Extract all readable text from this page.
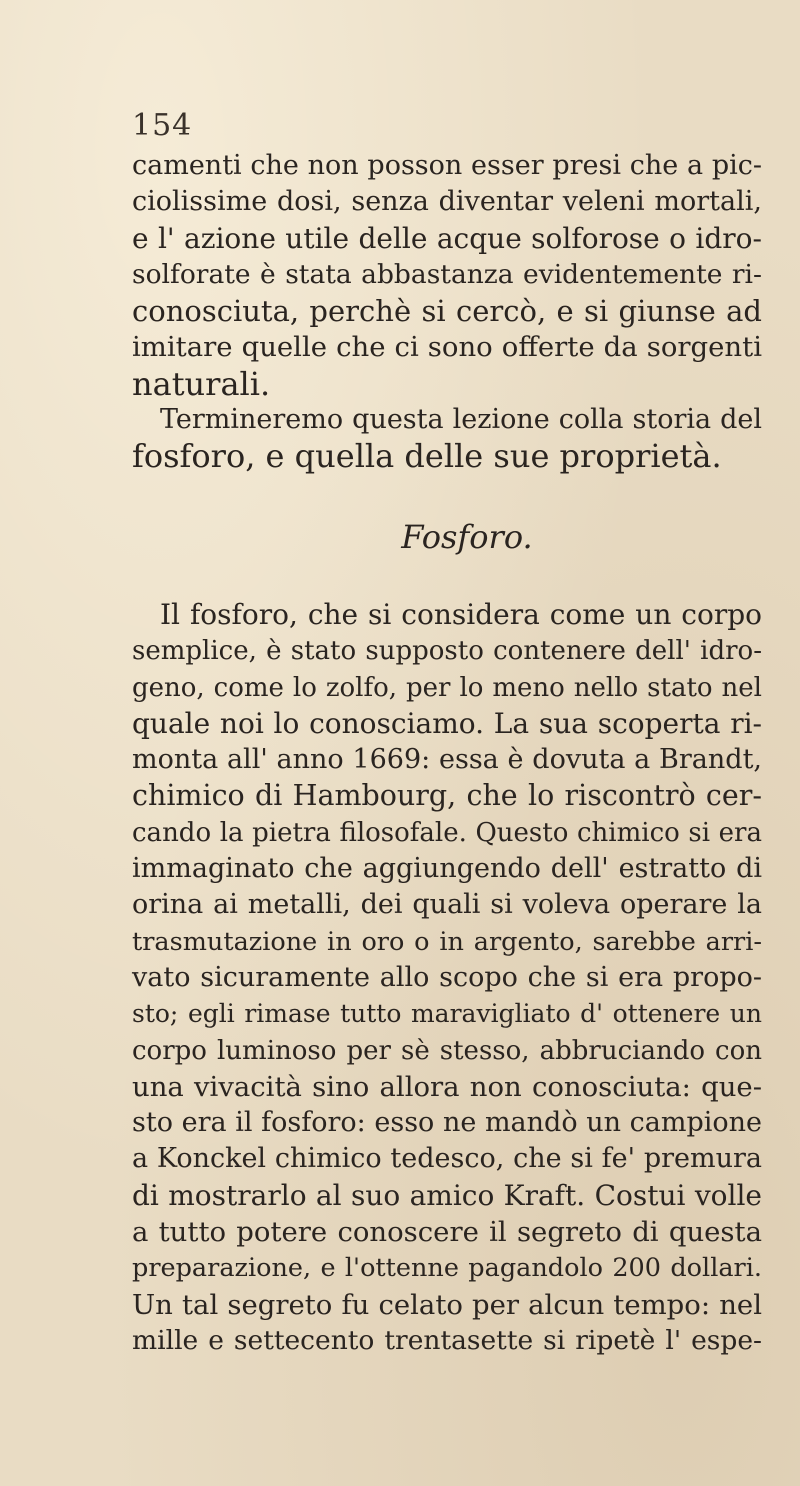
154
camenti che non posson esser presi che a pic-
ciolissime dosi, senza diventar veleni mortali,
e l' azione utile delle acque solforose o idro-
solforate è stata abbastanza evidentemente ri-
conosciuta, perchè si cercò, e si giunse ad
imitare quelle che ci sono offerte da sorgenti
naturali.
Termineremo questa lezione colla storia del
fosforo, e quella delle sue proprietà.
Fosforo.
Il fosforo, che si considera come un corpo
semplice, è stato supposto contenere dell' idro-
geno, come lo zolfo, per lo meno nello stato nel
quale noi lo conosciamo. La sua scoperta ri-
monta all' anno 1669: essa è dovuta a Brandt,
chimico di Hambourg, che lo riscontrò cer-
cando la pietra filosofale. Questo chimico si era
immaginato che aggiungendo dell' estratto di
orina ai metalli, dei quali si voleva operare la
trasmutazione in oro o in argento, sarebbe arri-
vato sicuramente allo scopo che si era propo-
sto; egli rimase tutto maravigliato d' ottenere un
corpo luminoso per sè stesso, abbruciando con
una vivacità sino allora non conosciuta: que-
sto era il fosforo: esso ne mandò un campione
a Konckel chimico tedesco, che si fe' premura
di mostrarlo al suo amico Kraft. Costui volle
a tutto potere conoscere il segreto di questa
preparazione, e l'ottenne pagandolo 200 dollari.
Un tal segreto fu celato per alcun tempo: nel
mille e settecento trentasette si ripetè l' espe-
